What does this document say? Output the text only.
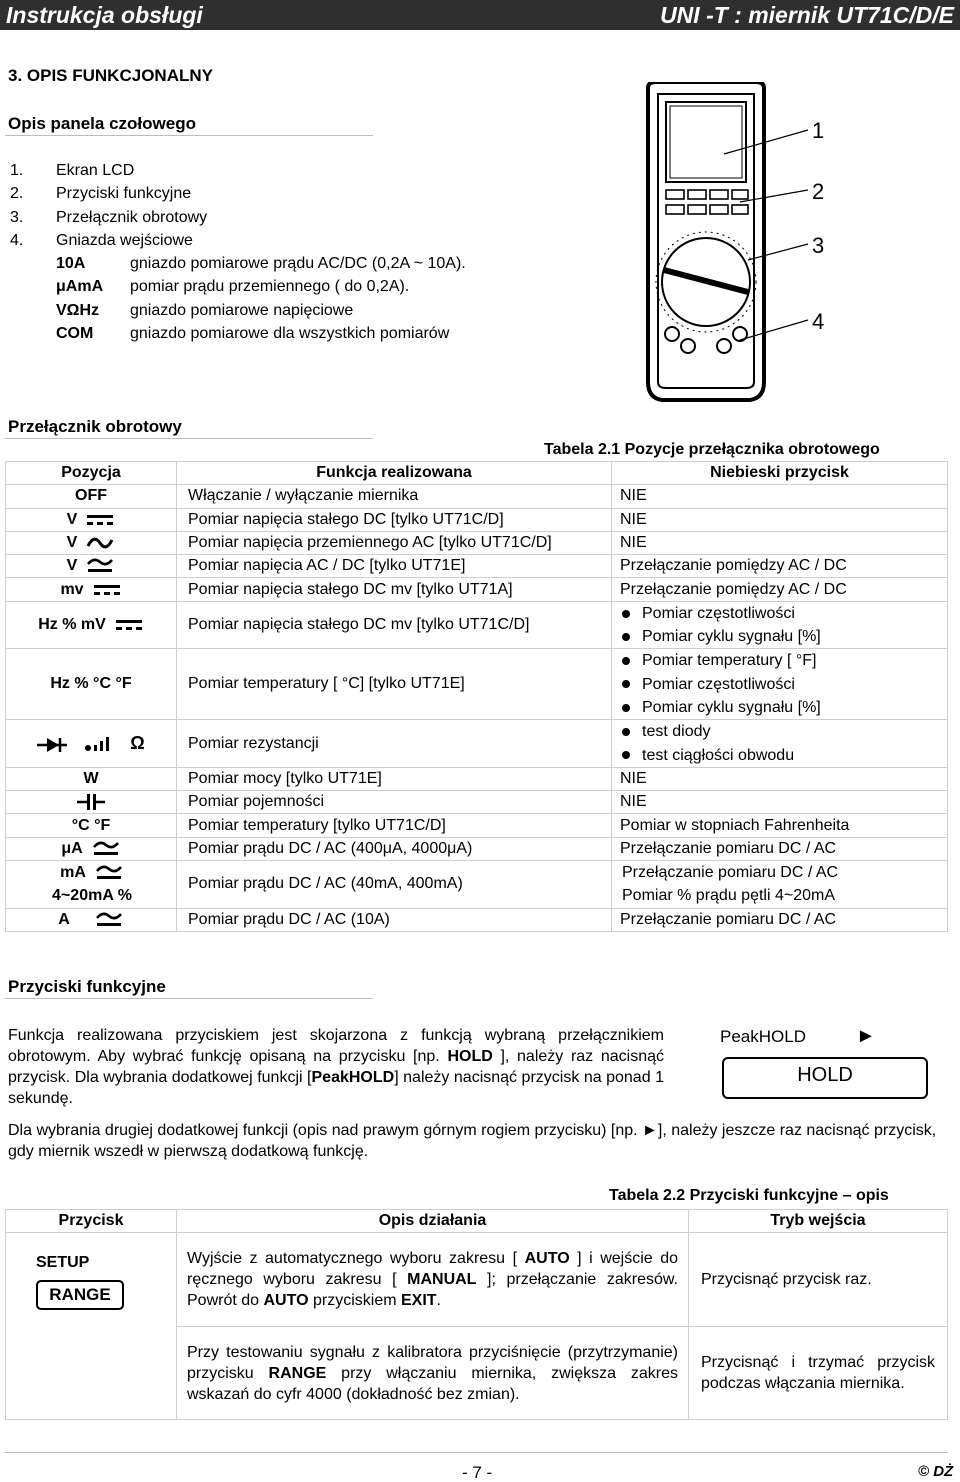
Instrukcja obsługi	UNI -T : miernik UT71C/D/E
3. OPIS FUNKCJONALNY
Opis panela czołowego
1. Ekran LCD
2. Przyciski funkcyjne
3. Przełącznik obrotowy
4. Gniazda wejściowe
10A	gniazdo pomiarowe prądu AC/DC (0,2A ~ 10A).
μAmA pomiar prądu przemiennego ( do 0,2A).
VΩHz gniazdo pomiarowe napięciowe
COM gniazdo pomiarowe dla wszystkich pomiarów
1
2
3
4
Przełącznik obrotowy
Tabela 2.1 Pozycje przełącznika obrotowego
Pozycja	Funkcja realizowana	Niebieski przycisk
OFF	Włączanie / wyłączanie miernika	NIE
V	Pomiar napięcia stałego DC [tylko UT71C/D]	NIE
V	Pomiar napięcia przemiennego AC [tylko UT71C/D]	NIE
V	Pomiar napięcia AC / DC [tylko UT71E]	Przełączanie pomiędzy AC / DC
mv	Pomiar napięcia stałego DC mv [tylko UT71A]	Przełączanie pomiędzy AC / DC
Hz % mV	Pomiar napięcia stałego DC mv [tylko UT71C/D]	Pomiar częstotliwości
Pomiar cyklu sygnału [%]

Hz % °C °F	Pomiar temperatury [ °C] [tylko UT71E]	Pomiar temperatury [ °F]
Pomiar częstotliwości
Pomiar cyklu sygnału [%]

Ω	Pomiar rezystancji	test diody
test ciągłości obwodu

W	Pomiar mocy [tylko UT71E]	NIE
	Pomiar pojemności	NIE
°C °F	Pomiar temperatury [tylko UT71C/D]	Pomiar w stopniach Fahrenheita
μA	Pomiar prądu DC / AC (400μA, 4000μA)	Przełączanie pomiaru DC / AC

mA
4~20mA %	Pomiar prądu DC / AC (40mA, 400mA)	Przełączanie pomiaru DC / AC
Pomiar % prądu pętli 4~20mA

A	Pomiar prądu DC / AC (10A)	Przełączanie pomiaru DC / AC
Przyciski funkcyjne
Funkcja realizowana przyciskiem jest skojarzona z funkcją wybraną przełącznikiem obrotowym. Aby wybrać funkcję opisaną na przycisku [np. HOLD ], należy raz nacisnąć przycisk. Dla wybrania dodatkowej funkcji [PeakHOLD] należy nacisnąć przycisk na ponad 1 sekundę.
PeakHOLD	►
HOLD
Dla wybrania drugiej dodatkowej funkcji (opis nad prawym górnym rogiem przycisku) [np. ►], należy jeszcze raz nacisnąć przycisk, gdy miernik wszedł w pierwszą dodatkową funkcję.
Tabela 2.2 Przyciski funkcyjne – opis
Przycisk	Opis działania	Tryb wejścia

SETUP
RANGE	Wyjście z automatycznego wyboru zakresu [ AUTO ] i wejście do ręcznego wyboru zakresu [ MANUAL ]; przełączanie zakresów. Powrót do AUTO przyciskiem EXIT.	Przycisnąć przycisk raz.
	Przy testowaniu sygnału z kalibratora przyciśnięcie (przytrzymanie) przycisku RANGE przy włączaniu miernika, zwiększa zakres wskazań do cyfr 4000 (dokładność bez zmian).	Przycisnąć i trzymać przycisk podczas włączania miernika.
- 7 -	© DŻ
